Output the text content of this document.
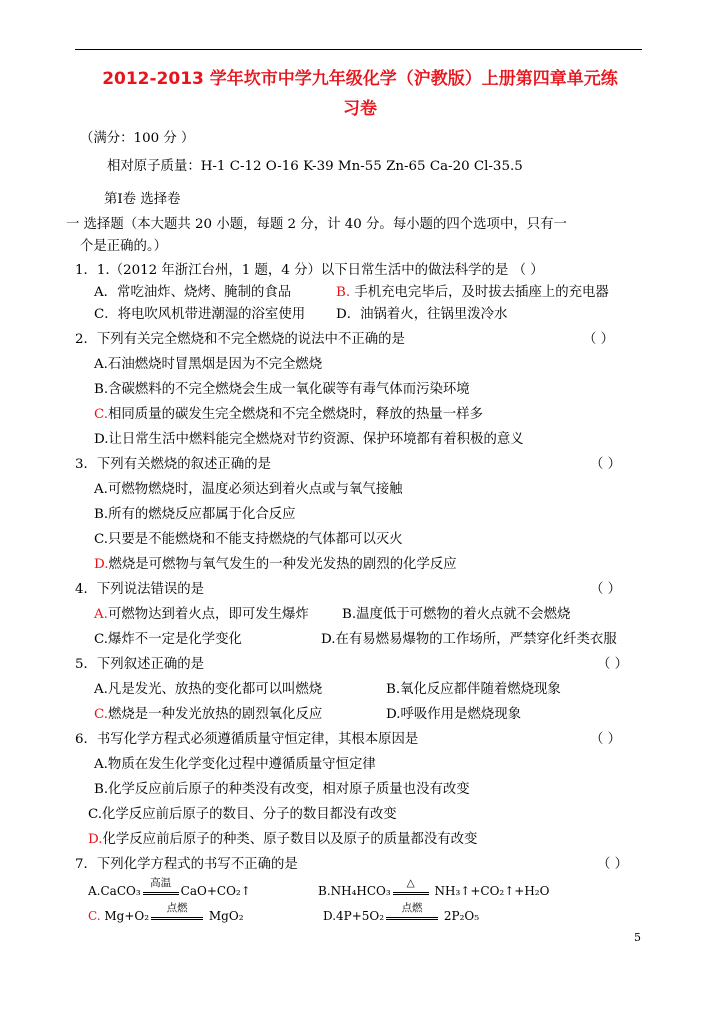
2012-2013 学年坎市中学九年级化学（沪教版）上册第四章单元练
习卷
（满分：100 分 ）
相对原子质量：H-1 C-12 O-16 K-39 Mn-55 Zn-65 Ca-20 Cl-35.5
第Ⅰ卷 选择卷
一 选择题（本大题共 20 小题，每题 2 分，计 40 分。每小题的四个选项中，只有一
个是正确的。）
1．1.（2012 年浙江台州，1 题，4 分）以下日常生活中的做法科学的是 （ ）
A．常吃油炸、烧烤、腌制的食品	B. 手机充电完毕后，及时拔去插座上的充电器
C．将电吹风机带进潮湿的浴室使用 D．油锅着火，往锅里泼冷水
2．下列有关完全燃烧和不完全燃烧的说法中不正确的是	（ ）
A.石油燃烧时冒黑烟是因为不完全燃烧
B.含碳燃料的不完全燃烧会生成一氧化碳等有毒气体而污染环境
C.相同质量的碳发生完全燃烧和不完全燃烧时，释放的热量一样多
D.让日常生活中燃料能完全燃烧对节约资源、保护环境都有着积极的意义
3．下列有关燃烧的叙述正确的是	（ ）
A.可燃物燃烧时，温度必须达到着火点或与氧气接触
B.所有的燃烧反应都属于化合反应
C.只要是不能燃烧和不能支持燃烧的气体都可以灭火
D.燃烧是可燃物与氧气发生的一种发光发热的剧烈的化学反应
4．下列说法错误的是	（ ）
A.可燃物达到着火点，即可发生爆炸 B.温度低于可燃物的着火点就不会燃烧
C.爆炸不一定是化学变化	D.在有易燃易爆物的工作场所，严禁穿化纤类衣服
5．下列叙述正确的是	（ ）
A.凡是发光、放热的变化都可以叫燃烧	B.氧化反应都伴随着燃烧现象
C.燃烧是一种发光放热的剧烈氧化反应	D.呼吸作用是燃烧现象
6．书写化学方程式必须遵循质量守恒定律，其根本原因是	（ ）
A.物质在发生化学变化过程中遵循质量守恒定律
B.化学反应前后原子的种类没有改变，相对原子质量也没有改变
C.化学反应前后原子的数目、分子的数目都没有改变
D.化学反应前后原子的种类、原子数目以及原子的质量都没有改变
7．下列化学方程式的书写不正确的是	（ ）
A.CaCO₃
高温
CaO+CO₂↑	B.NH₄HCO₃
△
NH₃↑+CO₂↑+H₂O
C. Mg+O₂
点燃
MgO₂	D.4P+5O₂
点燃
2P₂O₅
5
